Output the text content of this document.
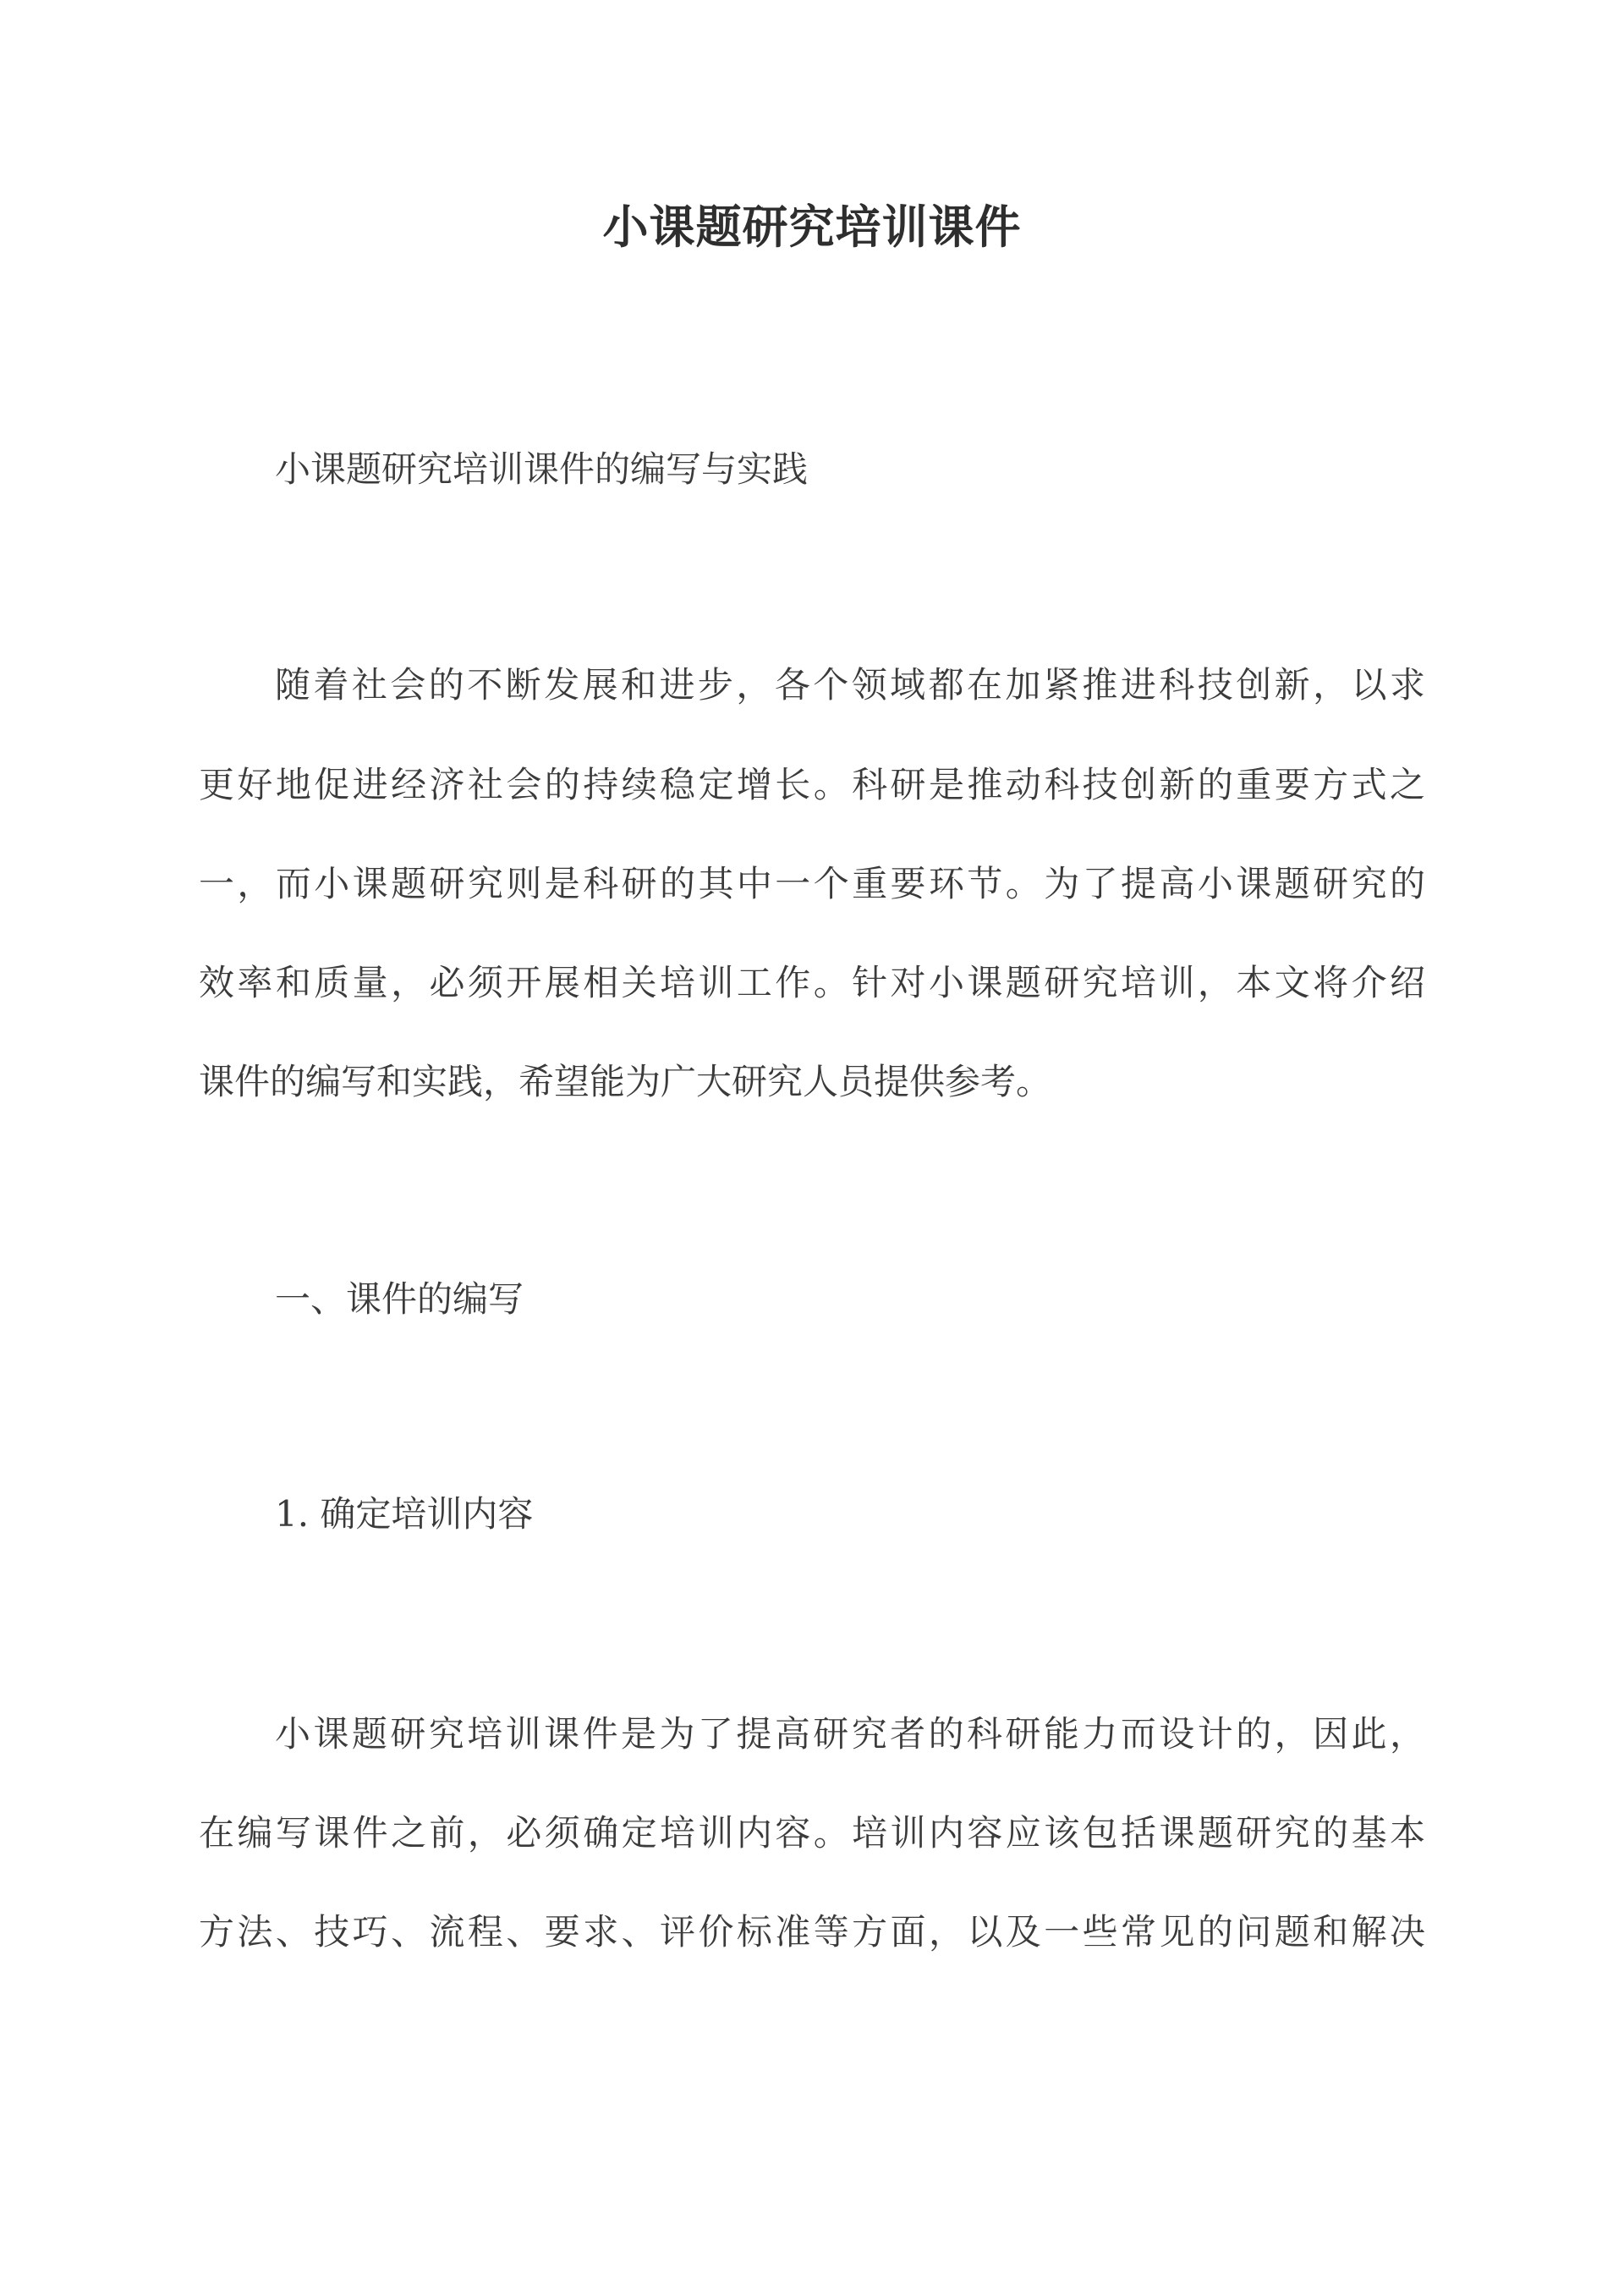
小课题研究培训课件
小课题研究培训课件的编写与实践
随着社会的不断发展和进步，各个领域都在加紧推进科技创新，以求
更好地促进经济社会的持续稳定增长。科研是推动科技创新的重要方式之
一，而小课题研究则是科研的其中一个重要环节。为了提高小课题研究的
效率和质量，必须开展相关培训工作。针对小课题研究培训，本文将介绍
课件的编写和实践，希望能为广大研究人员提供参考。
一、课件的编写
1. 确定培训内容
小课题研究培训课件是为了提高研究者的科研能力而设计的，因此，
在编写课件之前，必须确定培训内容。培训内容应该包括课题研究的基本
方法、技巧、流程、要求、评价标准等方面，以及一些常见的问题和解决
